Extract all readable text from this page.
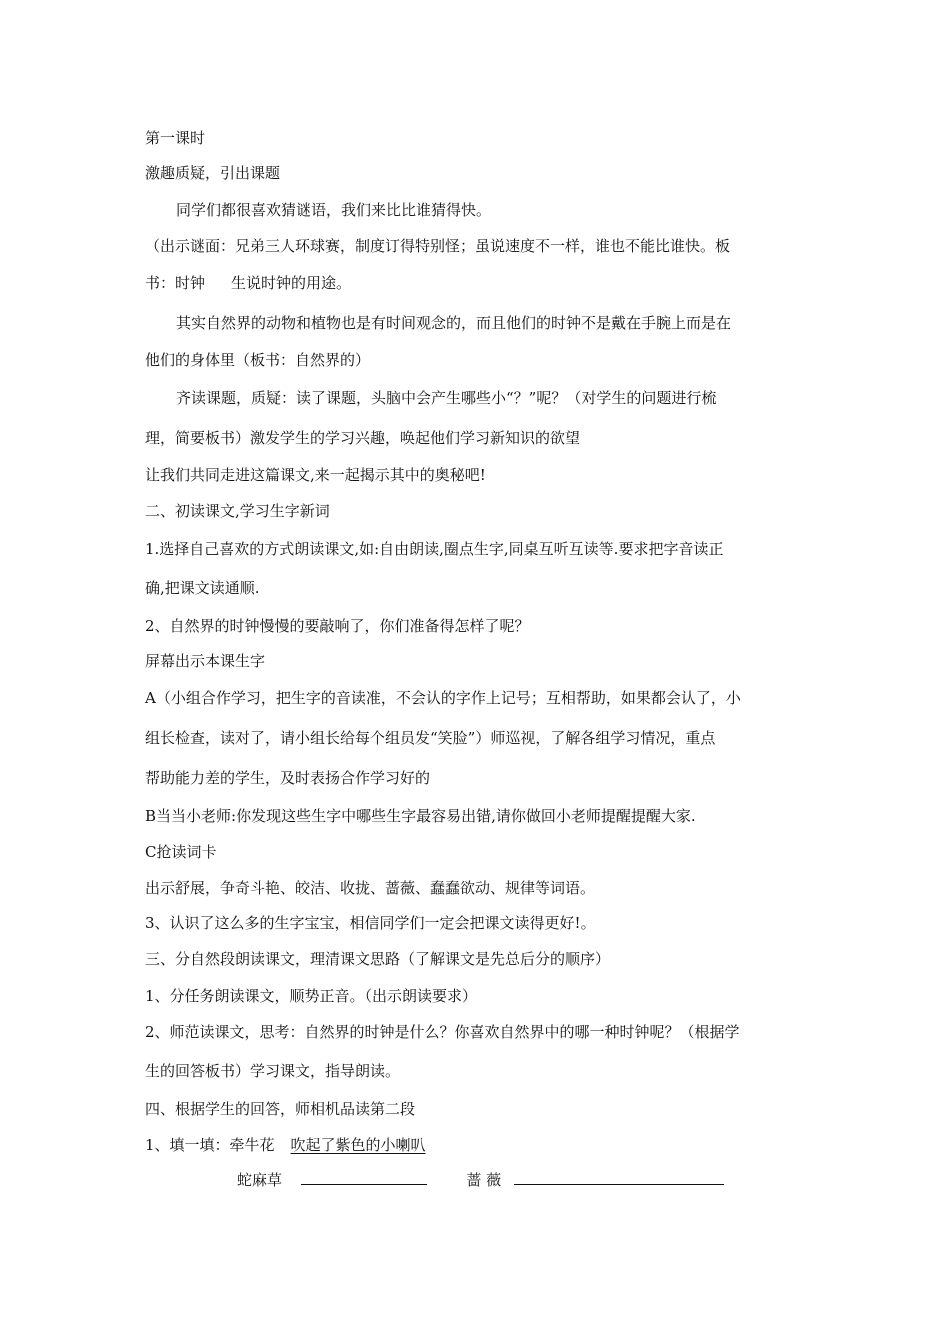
第一课时
激趣质疑，引出课题
同学们都很喜欢猜谜语，我们来比比谁猜得快。
（出示谜面：兄弟三人环球赛，制度订得特别怪；虽说速度不一样，谁也不能比谁快。板
书：时钟 生说时钟的用途。
其实自然界的动物和植物也是有时间观念的，而且他们的时钟不是戴在手腕上而是在
他们的身体里（板书：自然界的）
齐读课题，质疑：读了课题，头脑中会产生哪些小“？”呢？（对学生的问题进行梳
理，简要板书）激发学生的学习兴趣，唤起他们学习新知识的欲望
让我们共同走进这篇课文,来一起揭示其中的奥秘吧!
二、初读课文,学习生字新词
1.选择自己喜欢的方式朗读课文,如:自由朗读,圈点生字,同桌互听互读等.要求把字音读正
确,把课文读通顺.
2、自然界的时钟慢慢的要敲响了，你们准备得怎样了呢？
屏幕出示本课生字
A（小组合作学习，把生字的音读准，不会认的字作上记号；互相帮助，如果都会认了，小
组长检查，读对了，请小组长给每个组员发“笑脸”）师巡视，了解各组学习情况，重点
帮助能力差的学生，及时表扬合作学习好的
B当当小老师:你发现这些生字中哪些生字最容易出错,请你做回小老师提醒提醒大家.
C抢读词卡
出示舒展，争奇斗艳、皎洁、收拢、蔷薇、蠢蠢欲动、规律等词语。
3、认识了这么多的生字宝宝，相信同学们一定会把课文读得更好!。
三、分自然段朗读课文，理清课文思路（了解课文是先总后分的顺序）
1、分任务朗读课文，顺势正音。（出示朗读要求）
2、师范读课文，思考：自然界的时钟是什么？你喜欢自然界中的哪一种时钟呢？（根据学
生的回答板书）学习课文，指导朗读。
四、根据学生的回答，师相机品读第二段
1、填一填：牵牛花 吹起了紫色的小喇叭
蛇麻草	蔷 薇
